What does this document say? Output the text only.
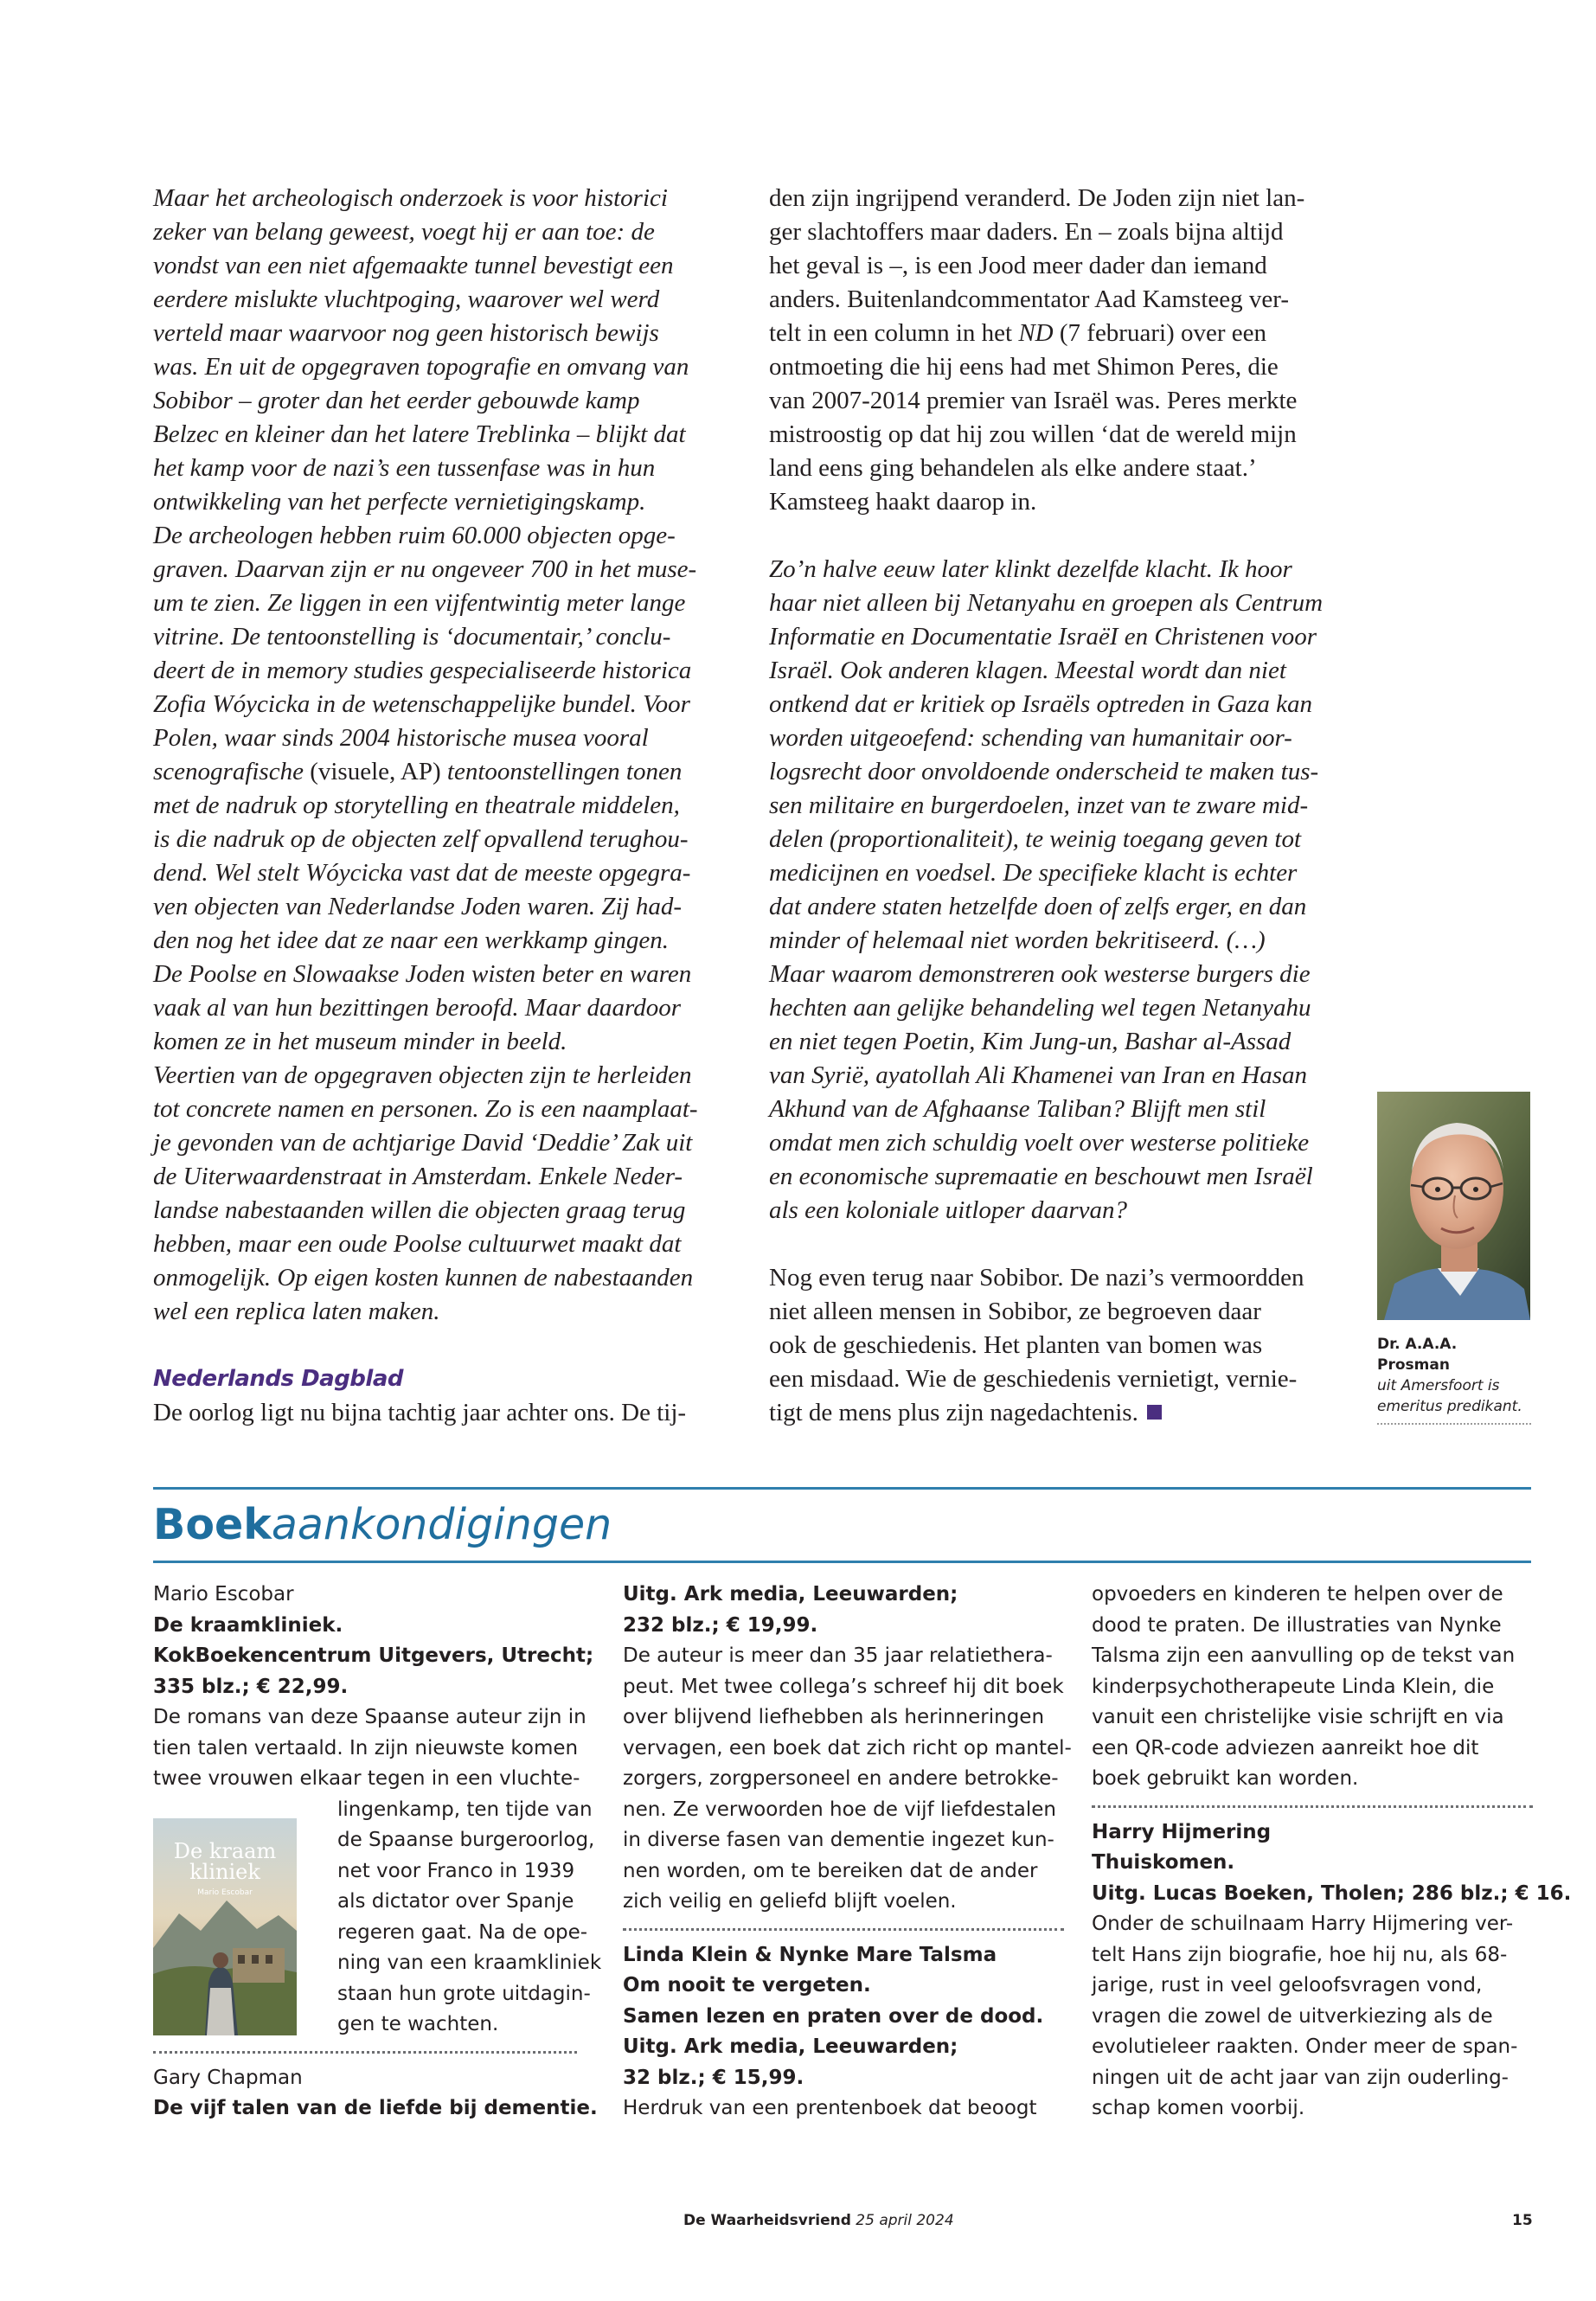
Maar het archeologisch onderzoek is voor historici
zeker van belang geweest, voegt hij er aan toe: de
vondst van een niet afgemaakte tunnel bevestigt een
eerdere mislukte vluchtpoging, waarover wel werd
verteld maar waarvoor nog geen historisch bewijs
was. En uit de opgegraven topografie en omvang van
Sobibor – groter dan het eerder gebouwde kamp
Belzec en kleiner dan het latere Treblinka – blijkt dat
het kamp voor de nazi’s een tussenfase was in hun
ontwikkeling van het perfecte vernietigingskamp.
De archeologen hebben ruim 60.000 objecten opge-
graven. Daarvan zijn er nu ongeveer 700 in het muse-
um te zien. Ze liggen in een vijfentwintig meter lange
vitrine. De tentoonstelling is ‘documentair,’ conclu-
deert de in memory studies gespecialiseerde historica
Zofia Wóycicka in de wetenschappelijke bundel. Voor
Polen, waar sinds 2004 historische musea vooral
scenografische (visuele, AP) tentoonstellingen tonen
met de nadruk op storytelling en theatrale middelen,
is die nadruk op de objecten zelf opvallend terughou-
dend. Wel stelt Wóycicka vast dat de meeste opgegra-
ven objecten van Nederlandse Joden waren. Zij had-
den nog het idee dat ze naar een werkkamp gingen.
De Poolse en Slowaakse Joden wisten beter en waren
vaak al van hun bezittingen beroofd. Maar daardoor
komen ze in het museum minder in beeld.
Veertien van de opgegraven objecten zijn te herleiden
tot concrete namen en personen. Zo is een naamplaat-
je gevonden van de achtjarige David ‘Deddie’ Zak uit
de Uiterwaardenstraat in Amsterdam. Enkele Neder-
landse nabestaanden willen die objecten graag terug
hebben, maar een oude Poolse cultuurwet maakt dat
onmogelijk. Op eigen kosten kunnen de nabestaanden
wel een replica laten maken.
Nederlands Dagblad
De oorlog ligt nu bijna tachtig jaar achter ons. De tij-
den zijn ingrijpend veranderd. De Joden zijn niet lan-
ger slachtoffers maar daders. En – zoals bijna altijd
het geval is –, is een Jood meer dader dan iemand
anders. Buitenlandcommentator Aad Kamsteeg ver-
telt in een column in het ND (7 februari) over een
ontmoeting die hij eens had met Shimon Peres, die
van 2007-2014 premier van Israël was. Peres merkte
mistroostig op dat hij zou willen ‘dat de wereld mijn
land eens ging behandelen als elke andere staat.’
Kamsteeg haakt daarop in.
Zo’n halve eeuw later klinkt dezelfde klacht. Ik hoor
haar niet alleen bij Netanyahu en groepen als Centrum
Informatie en Documentatie IsraëI en Christenen voor
Israël. Ook anderen klagen. Meestal wordt dan niet
ontkend dat er kritiek op Israëls optreden in Gaza kan
worden uitgeoefend: schending van humanitair oor-
logsrecht door onvoldoende onderscheid te maken tus-
sen militaire en burgerdoelen, inzet van te zware mid-
delen (proportionaliteit), te weinig toegang geven tot
medicijnen en voedsel. De specifieke klacht is echter
dat andere staten hetzelfde doen of zelfs erger, en dan
minder of helemaal niet worden bekritiseerd. (…)
Maar waarom demonstreren ook westerse burgers die
hechten aan gelijke behandeling wel tegen Netanyahu
en niet tegen Poetin, Kim Jung-un, Bashar al-Assad
van Syrië, ayatollah Ali Khamenei van Iran en Hasan
Akhund van de Afghaanse Taliban? Blijft men stil
omdat men zich schuldig voelt over westerse politieke
en economische supremaatie en beschouwt men Israël
als een koloniale uitloper daarvan?
Nog even terug naar Sobibor. De nazi’s vermoordden
niet alleen mensen in Sobibor, ze begroeven daar
ook de geschiedenis. Het planten van bomen was
een misdaad. Wie de geschiedenis vernietigt, vernie-
tigt de mens plus zijn nagedachtenis.
Dr. A.A.A. Prosman
uit Amersfoort is
emeritus predikant.
Boekaankondigingen
Mario Escobar
De kraamkliniek.
KokBoekencentrum Uitgevers, Utrecht;
335 blz.; € 22,99.
De romans van deze Spaanse auteur zijn in
tien talen vertaald. In zijn nieuwste komen
twee vrouwen elkaar tegen in een vluchte-
lingenkamp, ten tijde van
de Spaanse burgeroorlog,
net voor Franco in 1939
als dictator over Spanje
regeren gaat. Na de ope-
ning van een kraamkliniek
staan hun grote uitdagin-
gen te wachten.
Gary Chapman
De vijf talen van de liefde bij dementie.
De kraam
kliniek
Mario Escobar
Uitg. Ark media, Leeuwarden;
232 blz.; € 19,99.
De auteur is meer dan 35 jaar relatiethera-
peut. Met twee collega’s schreef hij dit boek
over blijvend liefhebben als herinneringen
vervagen, een boek dat zich richt op mantel-
zorgers, zorgpersoneel en andere betrokke-
nen. Ze verwoorden hoe de vijf liefdestalen
in diverse fasen van dementie ingezet kun-
nen worden, om te bereiken dat de ander
zich veilig en geliefd blijft voelen.
Linda Klein & Nynke Mare Talsma
Om nooit te vergeten.
Samen lezen en praten over de dood.
Uitg. Ark media, Leeuwarden;
32 blz.; € 15,99.
Herdruk van een prentenboek dat beoogt
opvoeders en kinderen te helpen over de
dood te praten. De illustraties van Nynke
Talsma zijn een aanvulling op de tekst van
kinderpsychotherapeute Linda Klein, die
vanuit een christelijke visie schrijft en via
een QR-code adviezen aanreikt hoe dit
boek gebruikt kan worden.
Harry Hijmering
Thuiskomen.
Uitg. Lucas Boeken, Tholen; 286 blz.; € 16.
Onder de schuilnaam Harry Hijmering ver-
telt Hans zijn biografie, hoe hij nu, als 68-
jarige, rust in veel geloofsvragen vond,
vragen die zowel de uitverkiezing als de
evolutieleer raakten. Onder meer de span-
ningen uit de acht jaar van zijn ouderling-
schap komen voorbij.
De Waarheidsvriend 25 april 2024	15
